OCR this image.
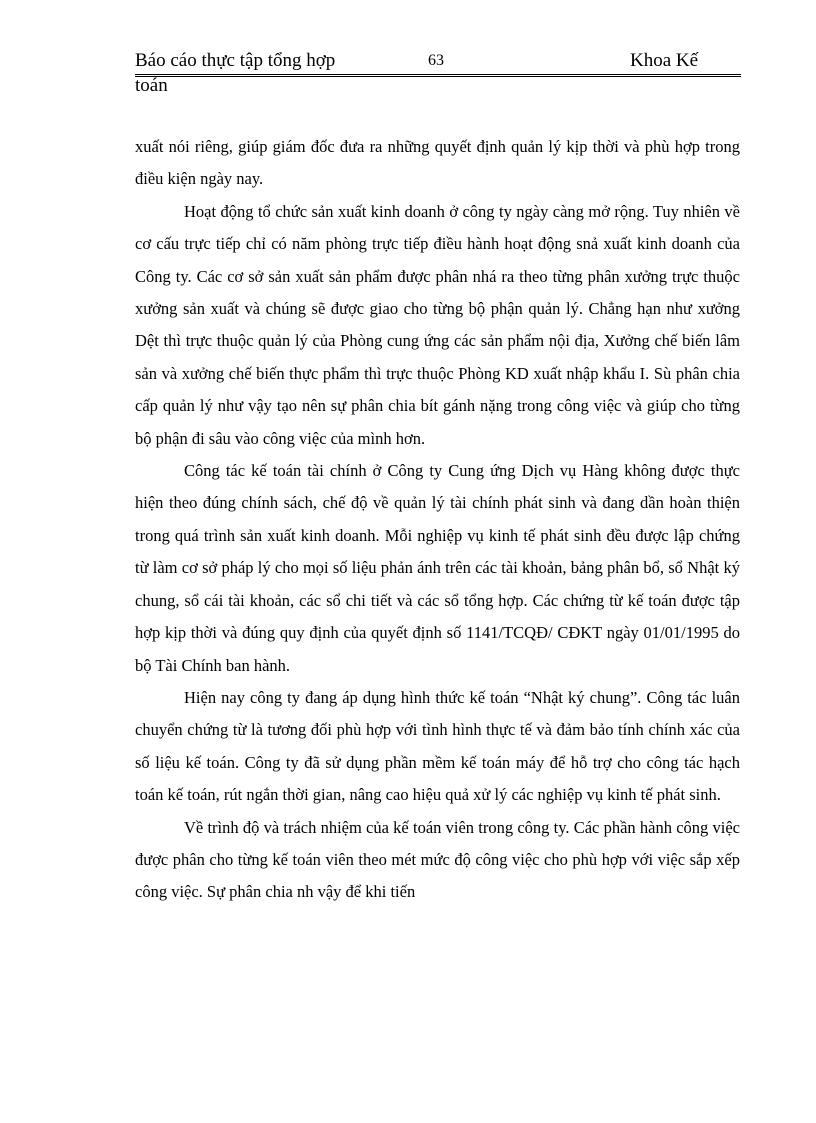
Báo cáo thực tập tổng hợp	63	Khoa Kế
toán

xuất nói riêng, giúp giám đốc đưa ra những quyết định quản lý kịp thời và phù hợp trong điều kiện ngày nay.

Hoạt động tổ chức sản xuất kinh doanh ở công ty ngày càng mở rộng. Tuy nhiên về cơ cấu trực tiếp chỉ có năm phòng trực tiếp điều hành hoạt động snả xuất kinh doanh của Công ty. Các cơ sở sản xuất sản phẩm được phân nhá ra theo từng phân xưởng trực thuộc xưởng sản xuất và chúng sẽ được giao cho từng bộ phận quản lý. Chẳng hạn như xưởng Dệt thì trực thuộc quản lý của Phòng cung ứng các sản phẩm nội địa, Xưởng chế biến lâm sản và xưởng chế biến thực phẩm thì trực thuộc Phòng KD xuất nhập khẩu I. Sù phân chia cấp quản lý như vậy tạo nên sự phân chia bít gánh nặng trong công việc và giúp cho từng bộ phận đi sâu vào công việc của mình hơn.

Công tác kế toán tài chính ở Công ty Cung ứng Dịch vụ Hàng không được thực hiện theo đúng chính sách, chế độ về quản lý tài chính phát sinh và đang dần hoàn thiện trong quá trình sản xuất kinh doanh. Mỗi nghiệp vụ kinh tế phát sinh đều được lập chứng từ làm cơ sở pháp lý cho mọi số liệu phản ánh trên các tài khoản, bảng phân bổ, sổ Nhật ký chung, sổ cái tài khoản, các sổ chi tiết và các sổ tổng hợp. Các chứng từ kế toán được tập hợp kịp thời và đúng quy định của quyết định số 1141/TCQĐ/ CĐKT ngày 01/01/1995 do bộ Tài Chính ban hành.

Hiện nay công ty đang áp dụng hình thức kế toán “Nhật ký chung”. Công tác luân chuyển chứng từ là tương đối phù hợp với tình hình thực tế và đảm bảo tính chính xác của số liệu kế toán. Công ty đã sử dụng phần mềm kế toán máy để hỗ trợ cho công tác hạch toán kế toán, rút ngắn thời gian, nâng cao hiệu quả xử lý các nghiệp vụ kinh tế phát sinh.

Về trình độ và trách nhiệm của kế toán viên trong công ty. Các phần hành công việc được phân cho từng kế toán viên theo mét mức độ công việc cho phù hợp với việc sắp xếp công việc. Sự phân chia nh vậy để khi tiến
